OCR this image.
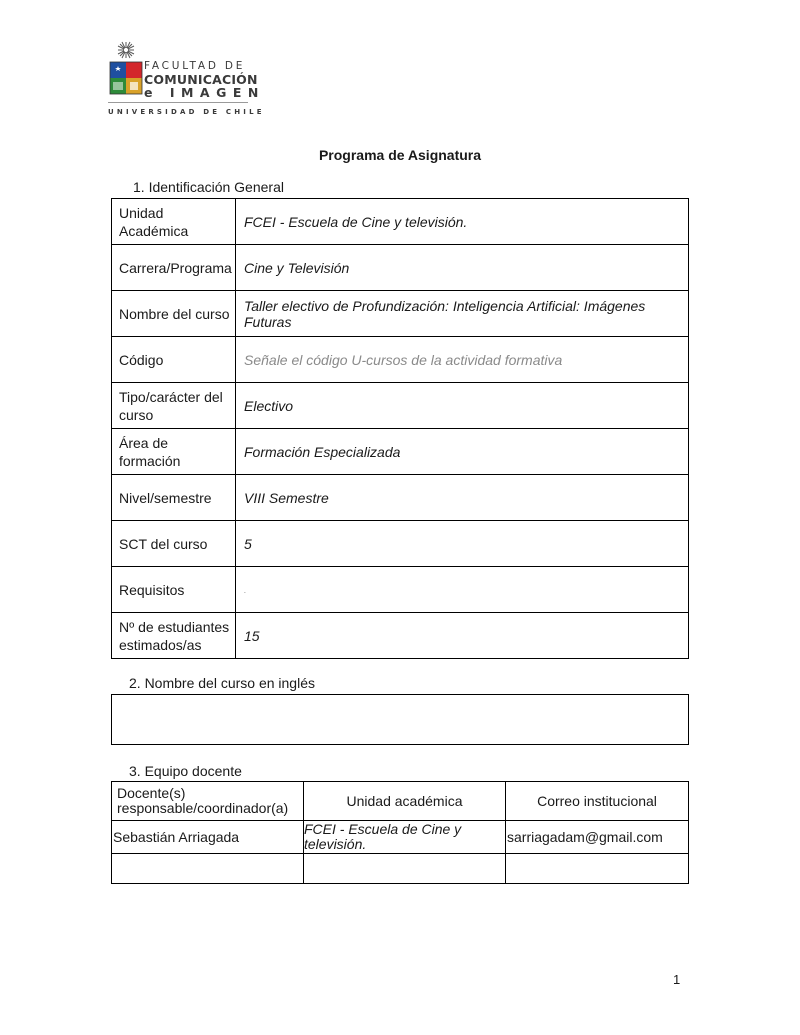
FACULTAD DE
COMUNICACIÓN
e IMAGEN
UNIVERSIDAD DE CHILE
Programa de Asignatura
1. Identificación General
Unidad Académica	FCEI - Escuela de Cine y televisión.
Carrera/Programa	Cine y Televisión
Nombre del curso	Taller electivo de Profundización: Inteligencia Artificial: Imágenes Futuras
Código	Señale el código U-cursos de la actividad formativa
Tipo/carácter del curso	Electivo
Área de formación	Formación Especializada
Nivel/semestre	VIII Semestre
SCT del curso	5
Requisitos	.
Nº de estudiantes estimados/as	15
2. Nombre del curso en inglés
3. Equipo docente
Docente(s) responsable/coordinador(a)	Unidad académica	Correo institucional
Sebastián Arriagada	FCEI - Escuela de Cine y televisión.	sarriagadam@gmail.com

1
